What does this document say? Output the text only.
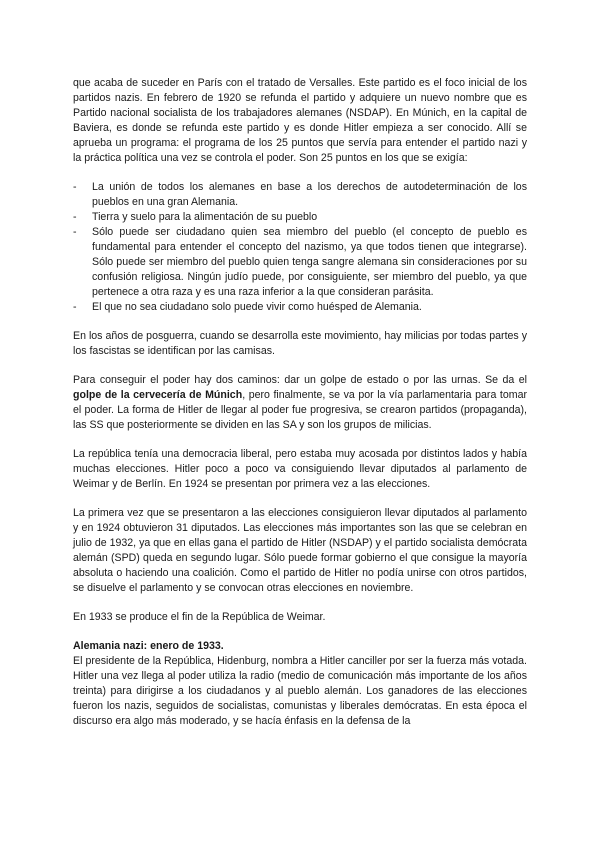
que acaba de suceder en París con el tratado de Versalles. Este partido es el foco inicial de los partidos nazis. En febrero de 1920 se refunda el partido y adquiere un nuevo nombre que es Partido nacional socialista de los trabajadores alemanes (NSDAP). En Múnich, en la capital de Baviera, es donde se refunda este partido y es donde Hitler empieza a ser conocido. Allí se aprueba un programa: el programa de los 25 puntos que servía para entender el partido nazi y la práctica política una vez se controla el poder. Son 25 puntos en los que se exigía:

- La unión de todos los alemanes en base a los derechos de autodeterminación de los pueblos en una gran Alemania.
- Tierra y suelo para la alimentación de su pueblo
- Sólo puede ser ciudadano quien sea miembro del pueblo (el concepto de pueblo es fundamental para entender el concepto del nazismo, ya que todos tienen que integrarse). Sólo puede ser miembro del pueblo quien tenga sangre alemana sin consideraciones por su confusión religiosa. Ningún judío puede, por consiguiente, ser miembro del pueblo, ya que pertenece a otra raza y es una raza inferior a la que consideran parásita.
- El que no sea ciudadano solo puede vivir como huésped de Alemania.

En los años de posguerra, cuando se desarrolla este movimiento, hay milicias por todas partes y los fascistas se identifican por las camisas.

Para conseguir el poder hay dos caminos: dar un golpe de estado o por las urnas. Se da el golpe de la cervecería de Múnich, pero finalmente, se va por la vía parlamentaria para tomar el poder. La forma de Hitler de llegar al poder fue progresiva, se crearon partidos (propaganda), las SS que posteriormente se dividen en las SA y son los grupos de milicias.

La república tenía una democracia liberal, pero estaba muy acosada por distintos lados y había muchas elecciones. Hitler poco a poco va consiguiendo llevar diputados al parlamento de Weimar y de Berlín. En 1924 se presentan por primera vez a las elecciones.

La primera vez que se presentaron a las elecciones consiguieron llevar diputados al parlamento y en 1924 obtuvieron 31 diputados. Las elecciones más importantes son las que se celebran en julio de 1932, ya que en ellas gana el partido de Hitler (NSDAP) y el partido socialista demócrata alemán (SPD) queda en segundo lugar. Sólo puede formar gobierno el que consigue la mayoría absoluta o haciendo una coalición. Como el partido de Hitler no podía unirse con otros partidos, se disuelve el parlamento y se convocan otras elecciones en noviembre.

En 1933 se produce el fin de la República de Weimar.

Alemania nazi: enero de 1933.

El presidente de la República, Hidenburg, nombra a Hitler canciller por ser la fuerza más votada. Hitler una vez llega al poder utiliza la radio (medio de comunicación más importante de los años treinta) para dirigirse a los ciudadanos y al pueblo alemán. Los ganadores de las elecciones fueron los nazis, seguidos de socialistas, comunistas y liberales demócratas. En esta época el discurso era algo más moderado, y se hacía énfasis en la defensa de la
